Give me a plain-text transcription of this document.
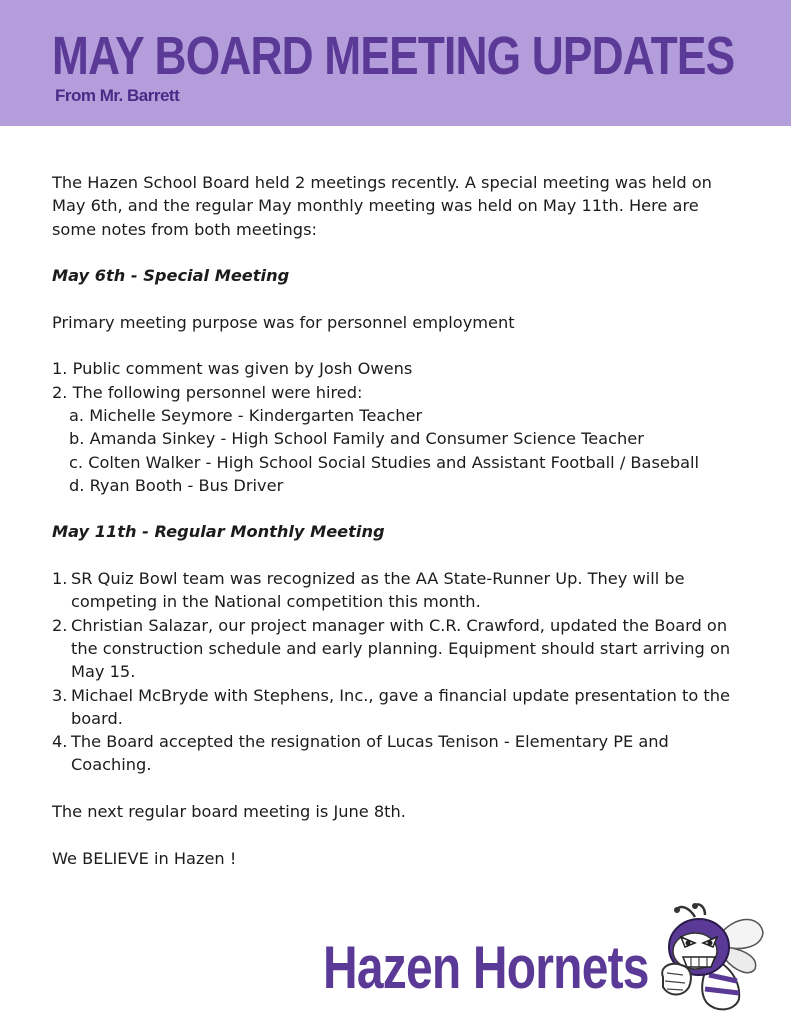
MAY BOARD MEETING UPDATES
From Mr. Barrett

The Hazen School Board held 2 meetings recently. A special meeting was held on May 6th, and the regular May monthly meeting was held on May 11th. Here are some notes from both meetings:

May 6th - Special Meeting

Primary meeting purpose was for personnel employment

1. Public comment was given by Josh Owens

2. The following personnel were hired:

a. Michelle Seymore - Kindergarten Teacher

b. Amanda Sinkey - High School Family and Consumer Science Teacher

c. Colten Walker - High School Social Studies and Assistant Football / Baseball

d. Ryan Booth - Bus Driver

May 11th - Regular Monthly Meeting

1. SR Quiz Bowl team was recognized as the AA State-Runner Up. They will be competing in the National competition this month.
2. Christian Salazar, our project manager with C.R. Crawford, updated the Board on the construction schedule and early planning. Equipment should start arriving on May 15.
3. Michael McBryde with Stephens, Inc., gave a financial update presentation to the board.
4. The Board accepted the resignation of Lucas Tenison - Elementary PE and Coaching.

The next regular board meeting is June 8th.

We BELIEVE in Hazen !

Hazen Hornets
